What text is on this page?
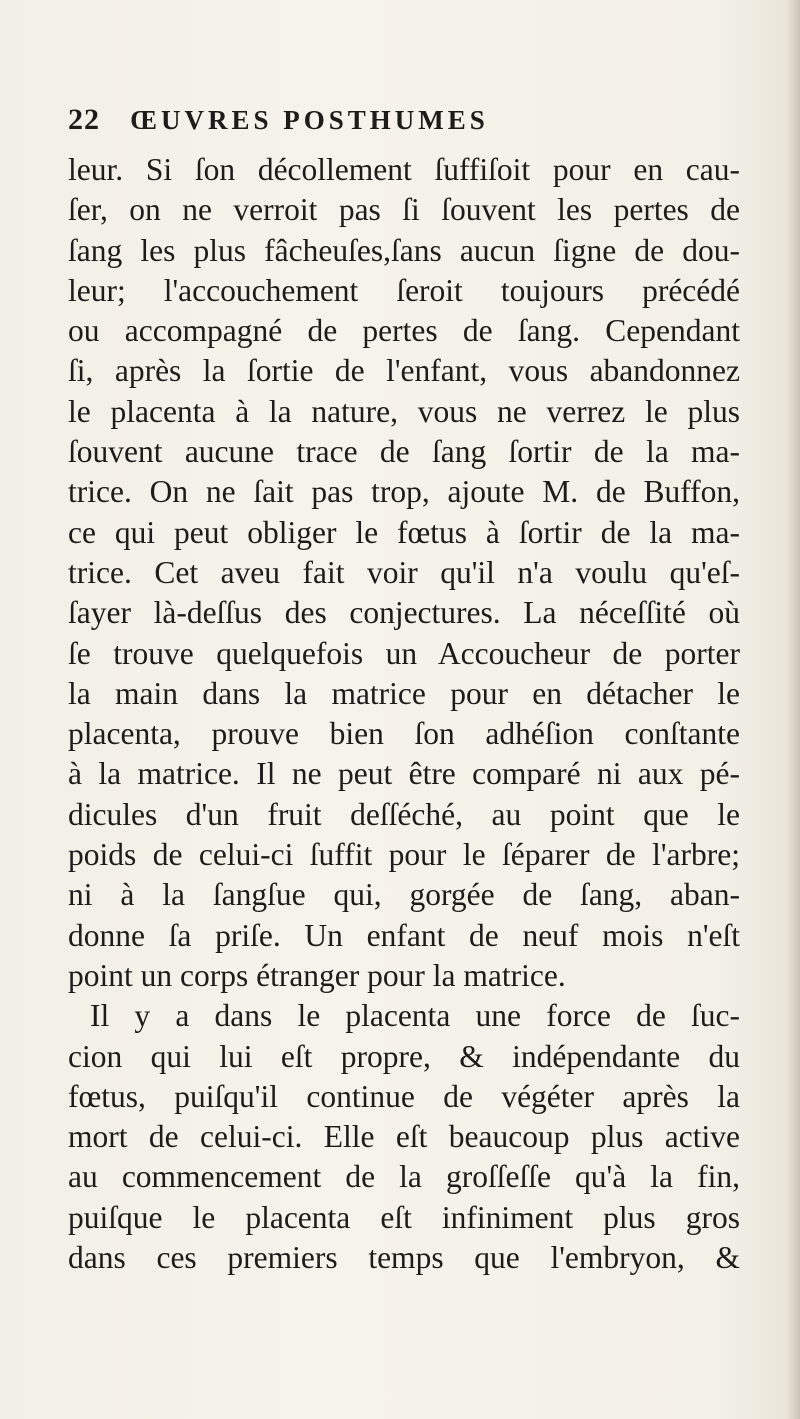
22 ŒUVRES POSTHUMES
leur. Si ſon décollement ſuffiſoit pour en cau-
ſer, on ne verroit pas ſi ſouvent les pertes de
ſang les plus fâcheuſes,ſans aucun ſigne de dou-
leur; l'accouchement ſeroit toujours précédé
ou accompagné de pertes de ſang. Cependant
ſi, après la ſortie de l'enfant, vous abandonnez
le placenta à la nature, vous ne verrez le plus
ſouvent aucune trace de ſang ſortir de la ma-
trice. On ne ſait pas trop, ajoute M. de Buffon,
ce qui peut obliger le fœtus à ſortir de la ma-
trice. Cet aveu fait voir qu'il n'a voulu qu'eſ-
ſayer là-deſſus des conjectures. La néceſſité où
ſe trouve quelquefois un Accoucheur de porter
la main dans la matrice pour en détacher le
placenta, prouve bien ſon adhéſion conſtante
à la matrice. Il ne peut être comparé ni aux pé-
dicules d'un fruit deſſéché, au point que le
poids de celui-ci ſuffit pour le ſéparer de l'arbre;
ni à la ſangſue qui, gorgée de ſang, aban-
donne ſa priſe. Un enfant de neuf mois n'eſt
point un corps étranger pour la matrice.
Il y a dans le placenta une force de ſuc-
cion qui lui eſt propre, & indépendante du
fœtus, puiſqu'il continue de végéter après la
mort de celui-ci. Elle eſt beaucoup plus active
au commencement de la groſſeſſe qu'à la fin,
puiſque le placenta eſt infiniment plus gros
dans ces premiers temps que l'embryon, &
